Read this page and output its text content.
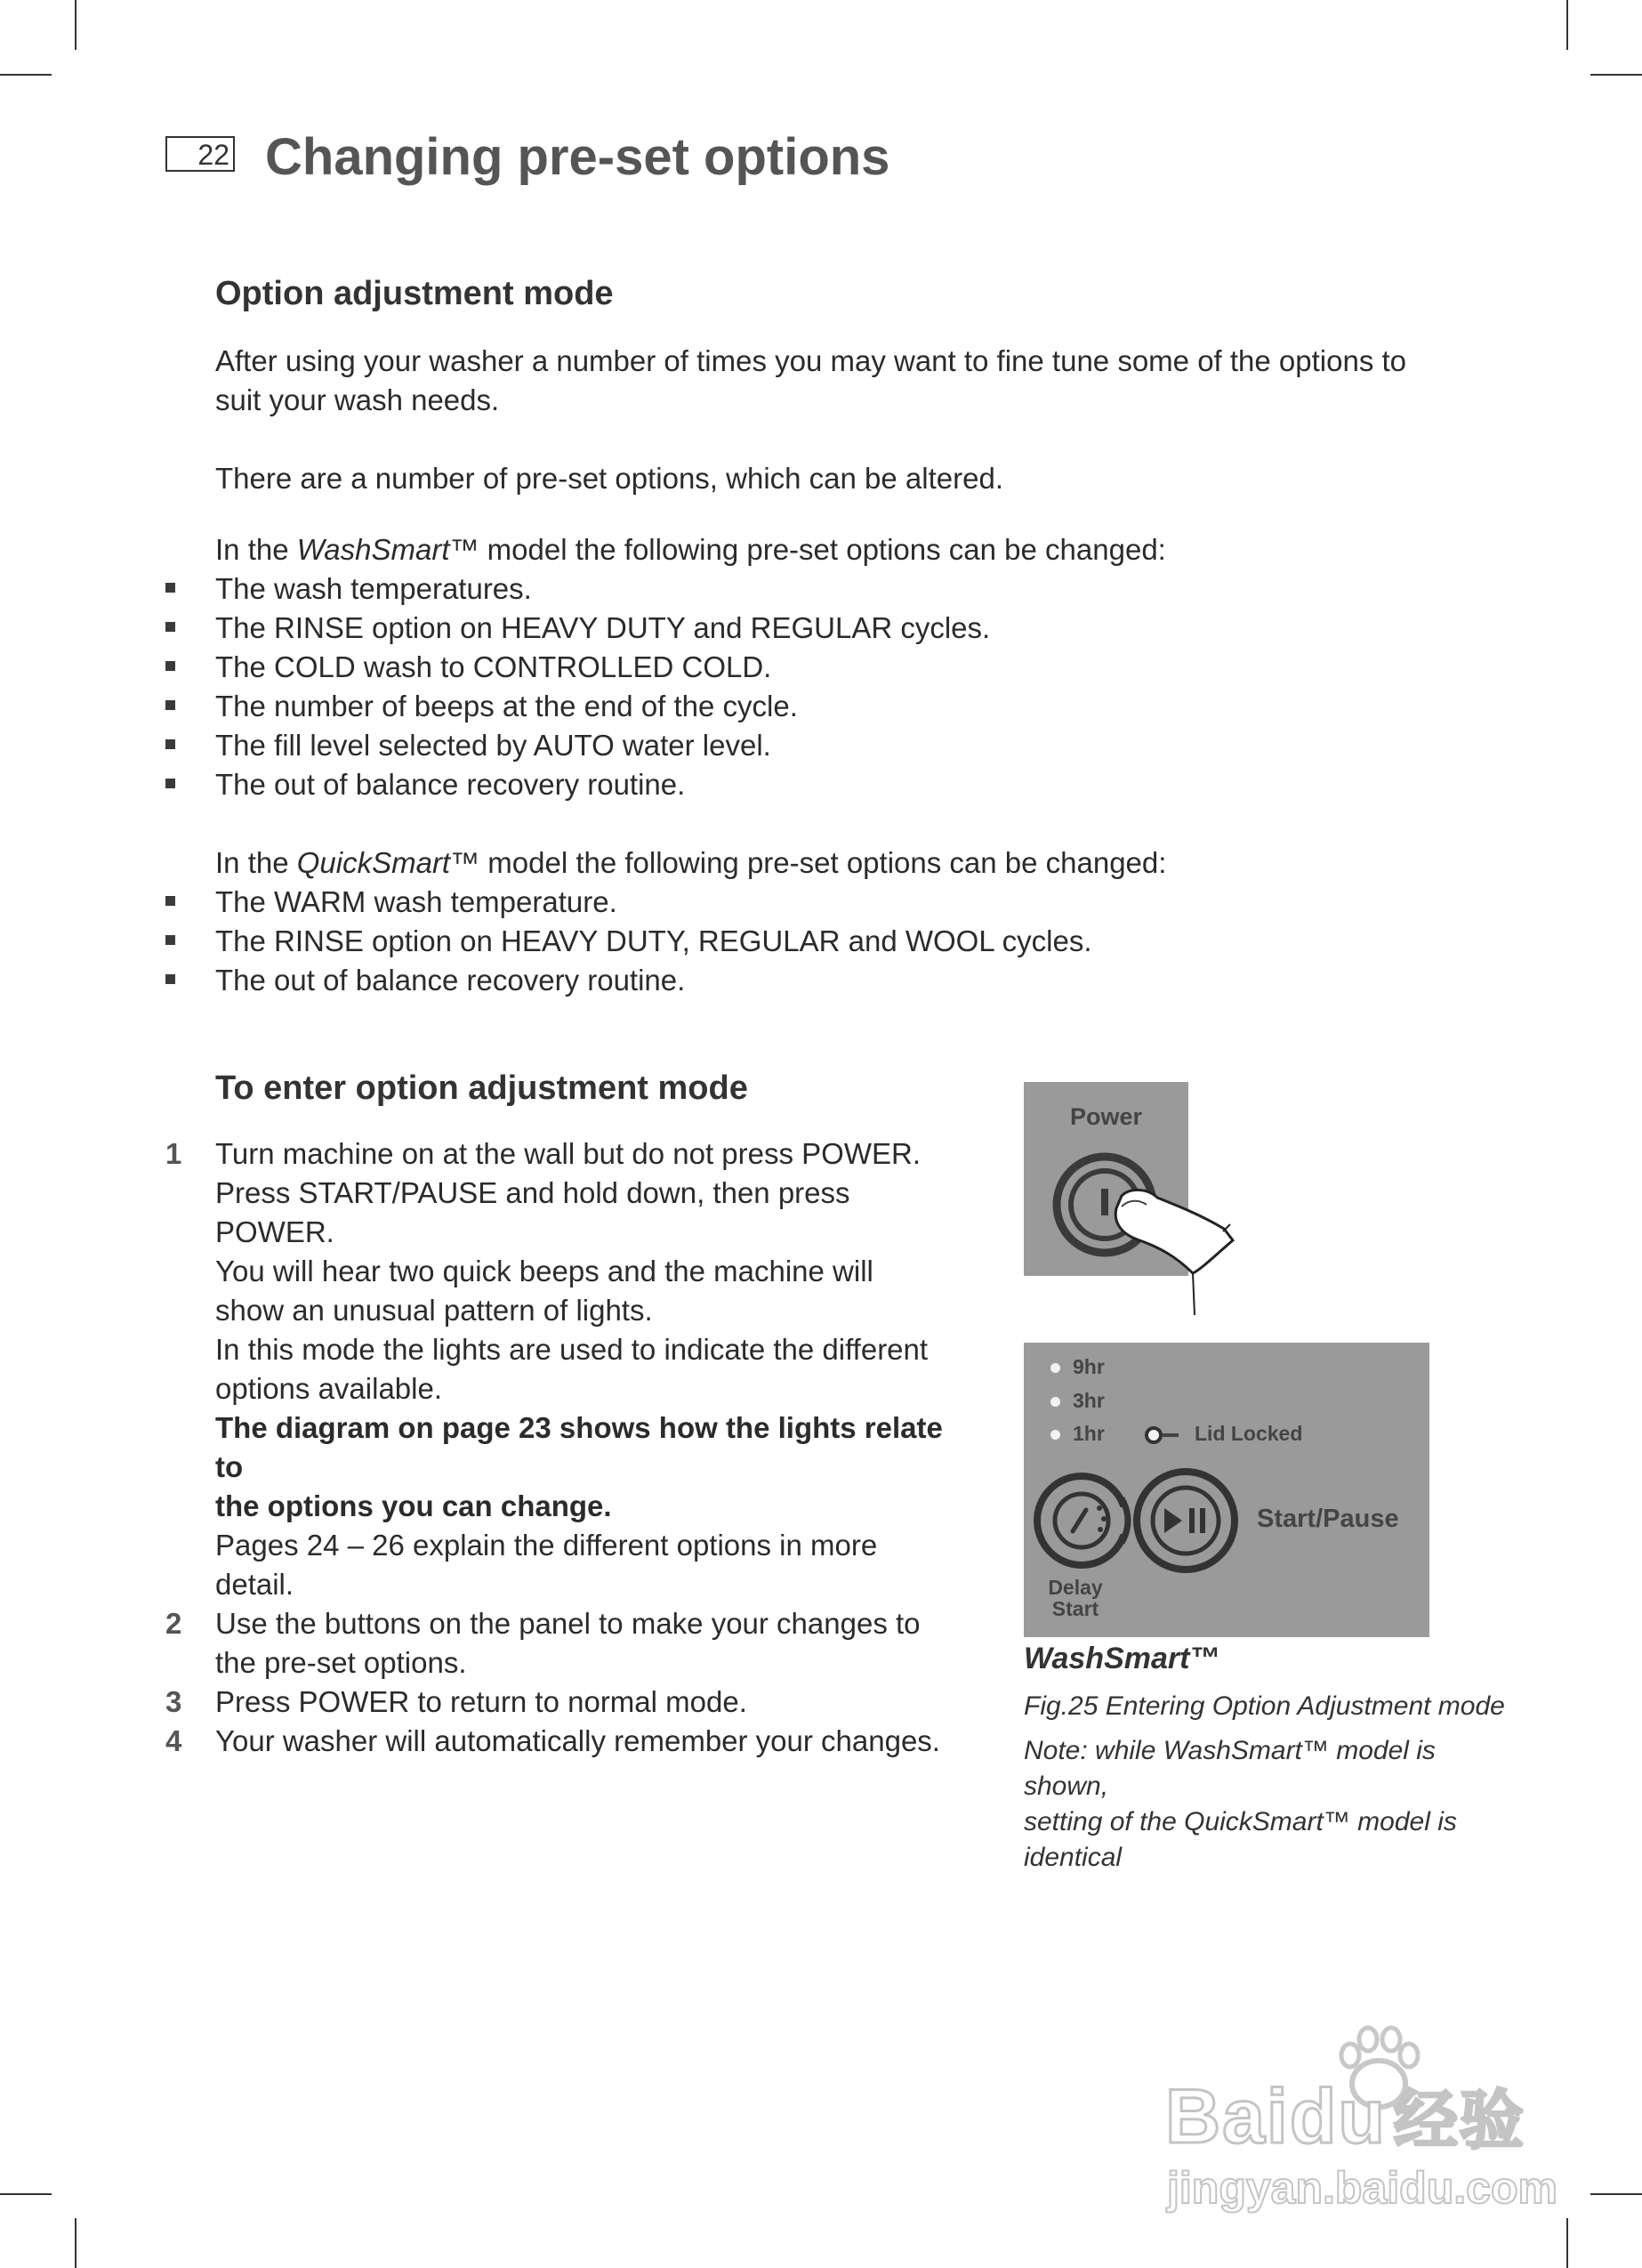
22 Changing pre-set options
Option adjustment mode

After using your washer a number of times you may want to fine tune some of the options to
suit your wash needs.

There are a number of pre-set options, which can be altered.

In the WashSmart™ model the following pre-set options can be changed:

The wash temperatures.
The RINSE option on HEAVY DUTY and REGULAR cycles.
The COLD wash to CONTROLLED COLD.
The number of beeps at the end of the cycle.
The fill level selected by AUTO water level.
The out of balance recovery routine.

In the QuickSmart™ model the following pre-set options can be changed:

The WARM wash temperature.
The RINSE option on HEAVY DUTY, REGULAR and WOOL cycles.
The out of balance recovery routine.
To enter option adjustment mode
1 Turn machine on at the wall but do not press POWER.
Press START/PAUSE and hold down, then press POWER.
You will hear two quick beeps and the machine will
show an unusual pattern of lights.
In this mode the lights are used to indicate the different
options available.
The diagram on page 23 shows how the lights relate to
the options you can change.
Pages 24 – 26 explain the different options in more detail.
2 Use the buttons on the panel to make your changes to
the pre-set options.
3 Press POWER to return to normal mode.
4 Your washer will automatically remember your changes.
Power
9hr
3hr
1hr	Lid Locked
Start/Pause
Delay
Start
WashSmart™
Fig.25 Entering Option Adjustment mode
Note: while WashSmart™ model is shown,
setting of the QuickSmart™ model is
identical
Baidu 经验
jingyan.baidu.com
